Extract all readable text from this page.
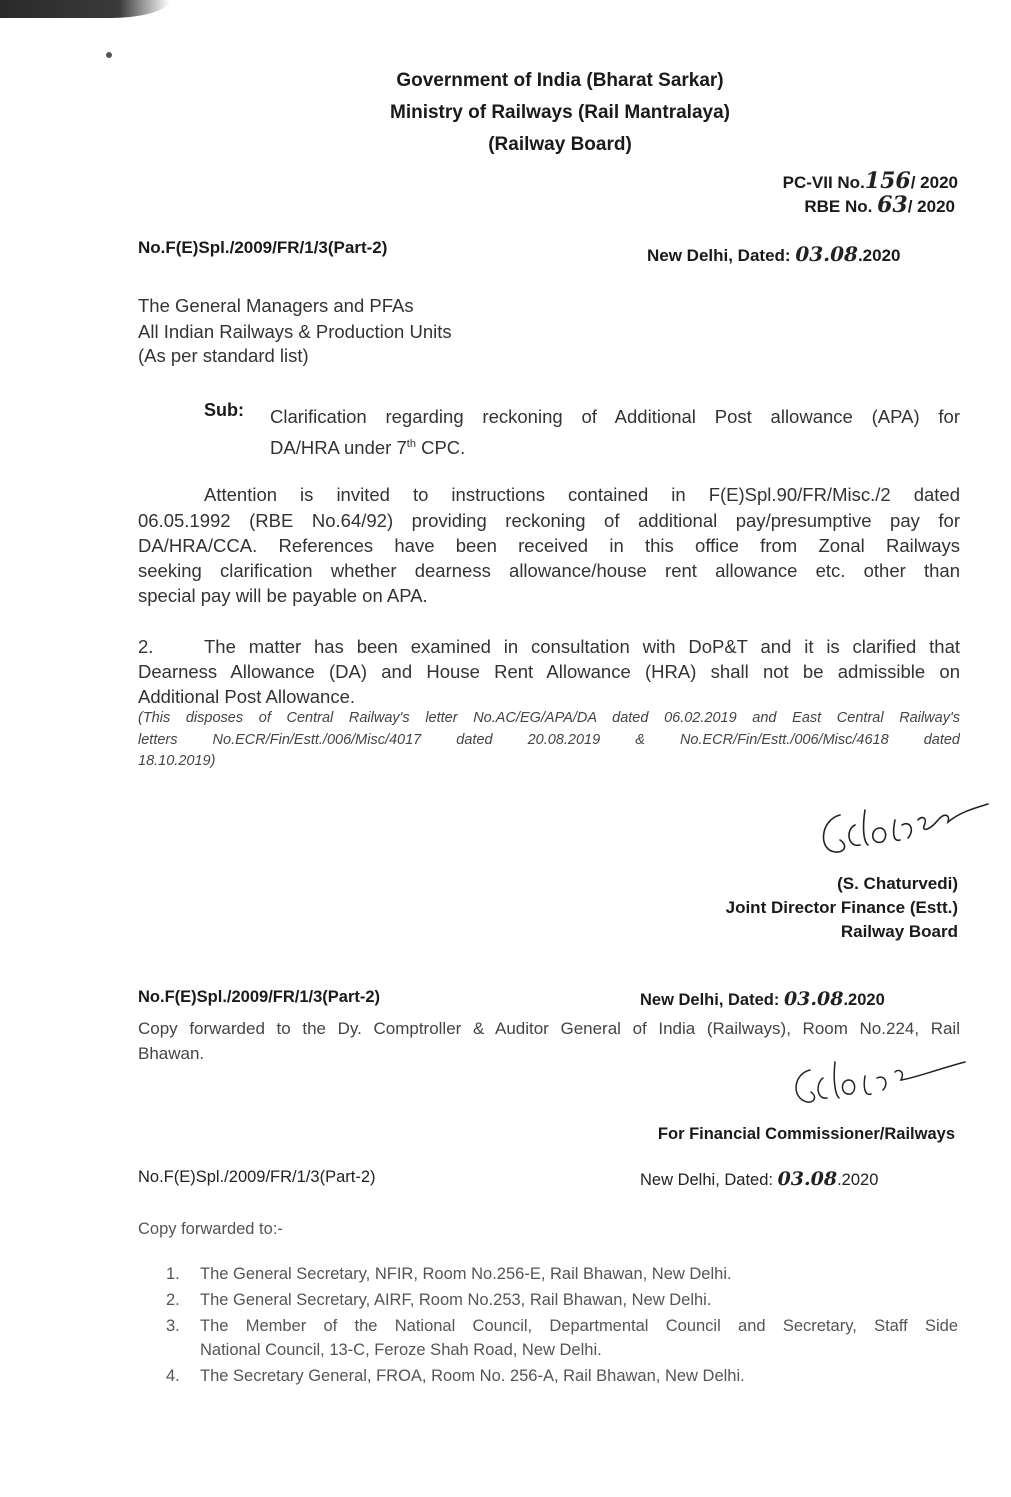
Government of India (Bharat Sarkar)
Ministry of Railways (Rail Mantralaya)
(Railway Board)
PC-VII No.156/ 2020
RBE No. 63/ 2020
No.F(E)Spl./2009/FR/1/3(Part-2)	New Delhi, Dated: 03.08.2020
The General Managers and PFAs
All Indian Railways & Production Units
(As per standard list)
Sub: Clarification regarding reckoning of Additional Post allowance (APA) for
DA/HRA under 7th CPC.
Attention is invited to instructions contained in F(E)Spl.90/FR/Misc./2 dated
06.05.1992 (RBE No.64/92) providing reckoning of additional pay/presumptive pay for
DA/HRA/CCA. References have been received in this office from Zonal Railways
seeking clarification whether dearness allowance/house rent allowance etc. other than
special pay will be payable on APA.
2.	The matter has been examined in consultation with DoP&T and it is clarified that
Dearness Allowance (DA) and House Rent Allowance (HRA) shall not be admissible on
Additional Post Allowance.
(This disposes of Central Railway's letter No.AC/EG/APA/DA dated 06.02.2019 and East Central Railway's
letters No.ECR/Fin/Estt./006/Misc/4017 dated 20.08.2019 & No.ECR/Fin/Estt./006/Misc/4618 dated
18.10.2019)
(S. Chaturvedi)
Joint Director Finance (Estt.)
Railway Board
No.F(E)Spl./2009/FR/1/3(Part-2)	New Delhi, Dated: 03.08.2020
Copy forwarded to the Dy. Comptroller & Auditor General of India (Railways), Room No.224, Rail
Bhawan.
For Financial Commissioner/Railways
No.F(E)Spl./2009/FR/1/3(Part-2)	New Delhi, Dated: 03.08.2020
Copy forwarded to:-
1. The General Secretary, NFIR, Room No.256-E, Rail Bhawan, New Delhi.
2. The General Secretary, AIRF, Room No.253, Rail Bhawan, New Delhi.
3. The Member of the National Council, Departmental Council and Secretary, Staff Side
National Council, 13-C, Feroze Shah Road, New Delhi.
4. The Secretary General, FROA, Room No. 256-A, Rail Bhawan, New Delhi.
